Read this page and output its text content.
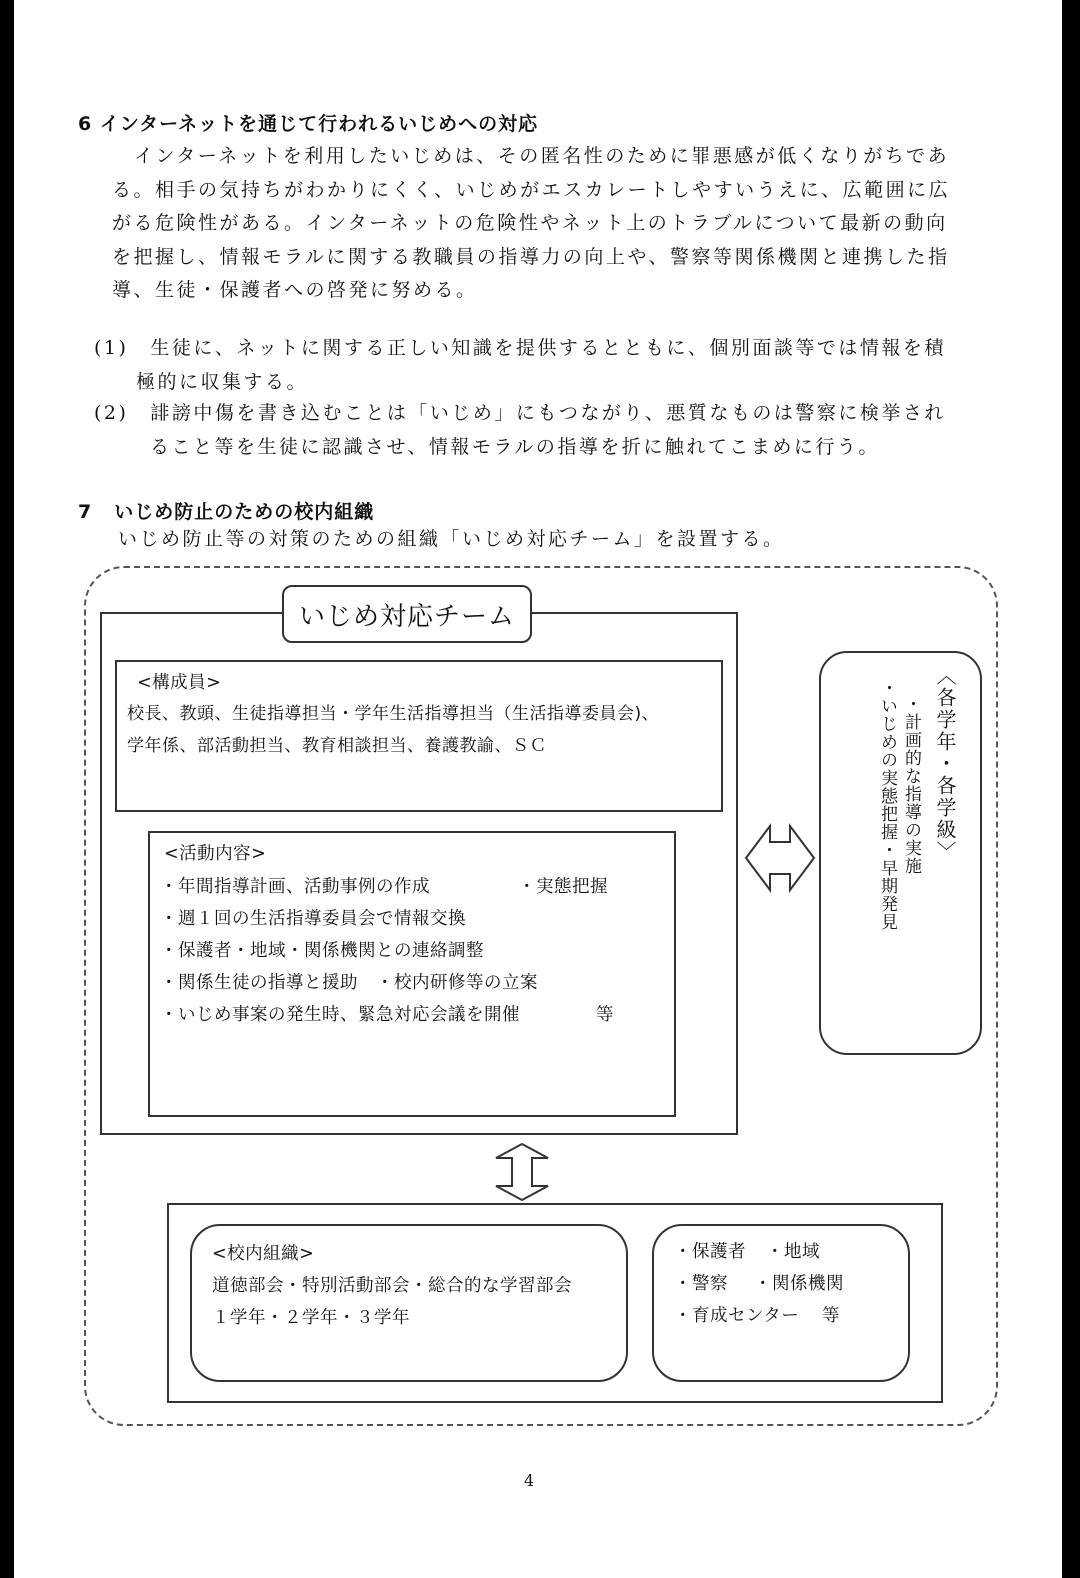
6 インターネットを通じて行われるいじめへの対応
インターネットを利用したいじめは、その匿名性のために罪悪感が低くなりがちであ
る。相手の気持ちがわかりにくく、いじめがエスカレートしやすいうえに、広範囲に広
がる危険性がある。インターネットの危険性やネット上のトラブルについて最新の動向
を把握し、情報モラルに関する教職員の指導力の向上や、警察等関係機関と連携した指
導、生徒・保護者への啓発に努める。
(1) 生徒に、ネットに関する正しい知識を提供するとともに、個別面談等では情報を積
極的に収集する。
(2) 誹謗中傷を書き込むことは「いじめ」にもつながり、悪質なものは警察に検挙され
ること等を生徒に認識させ、情報モラルの指導を折に触れてこまめに行う。
7 いじめ防止のための校内組織
いじめ防止等の対策のための組織「いじめ対応チーム」を設置する。
いじめ対応チーム
<構成員>
校長、教頭、生徒指導担当・学年生活指導担当（生活指導委員会)、
学年係、部活動担当、教育相談担当、養護教諭、ＳＣ
<活動内容>
・年間指導計画、活動事例の作成	・実態把握
・週１回の生活指導委員会で情報交換
・保護者・地域・関係機関との連絡調整
・関係生徒の指導と援助　・校内研修等の立案
・いじめ事案の発生時、緊急対応会議を開催	等
〈各学年・各学級〉
・計画的な指導の実施
・いじめの実態把握・早期発見
<校内組織>
道徳部会・特別活動部会・総合的な学習部会
１学年・２学年・３学年
・保護者 ・地域
・警察 ・関係機関
・育成センター 等
4
